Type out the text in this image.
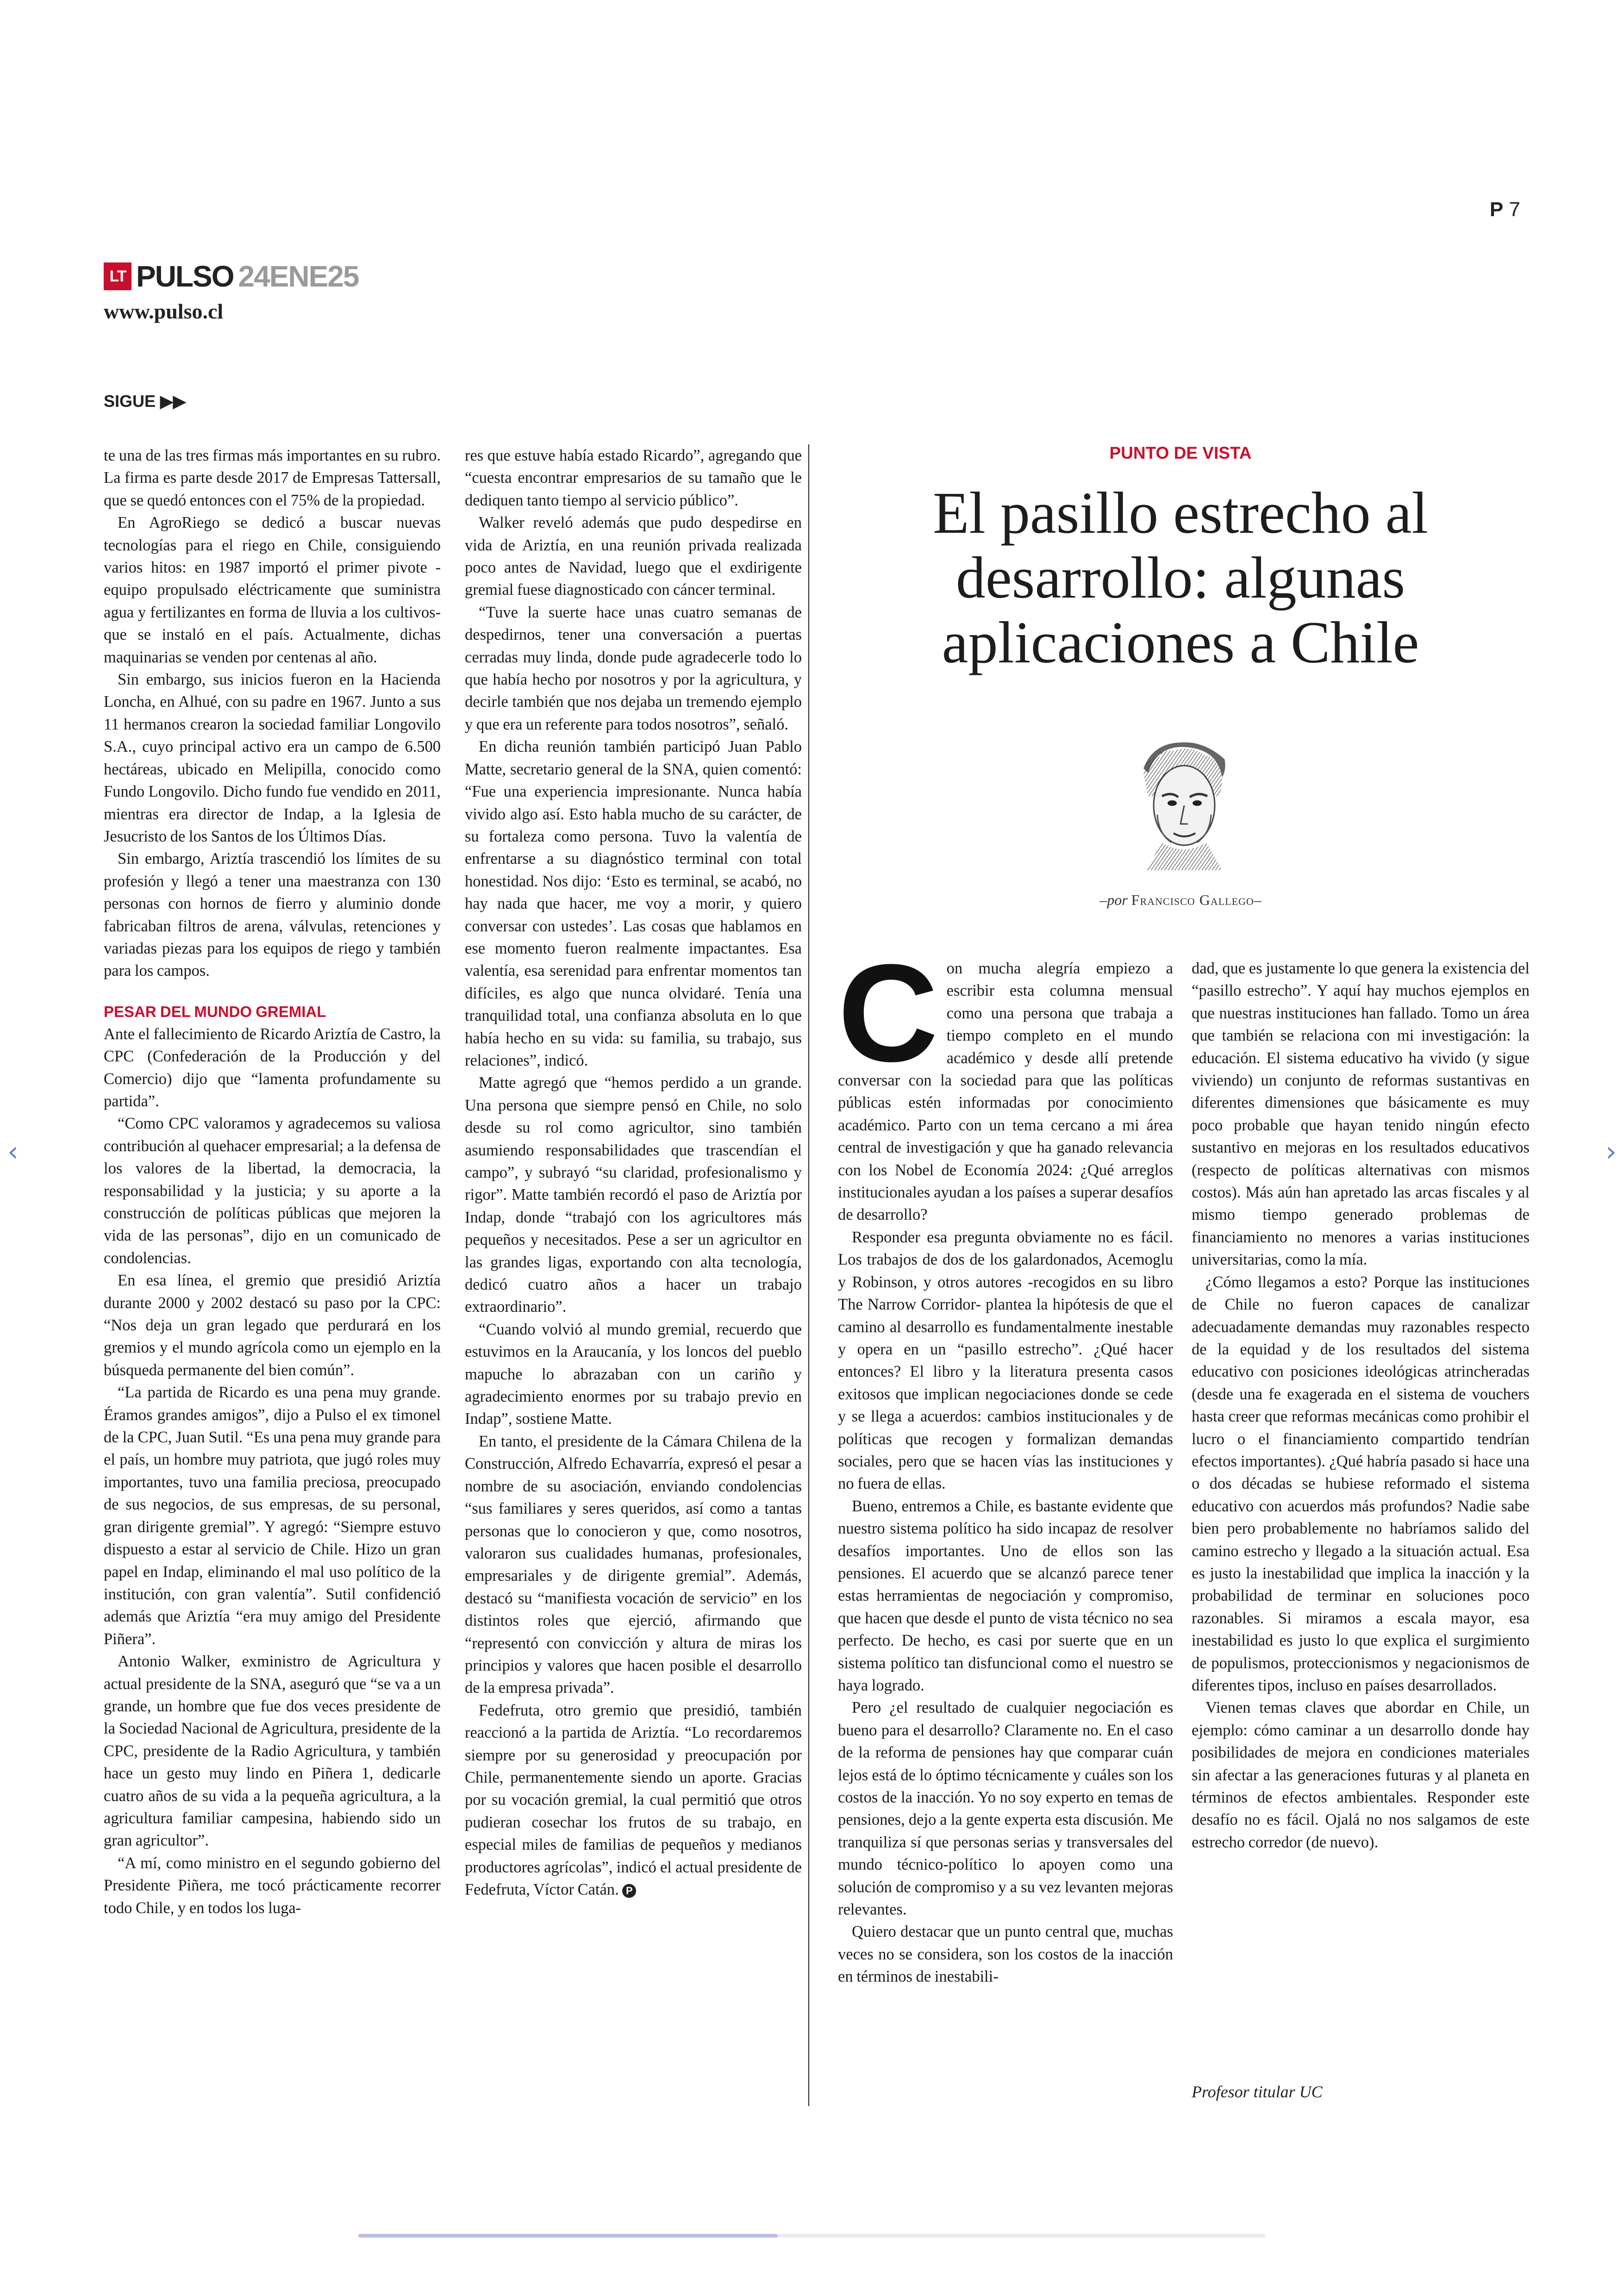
P 7
LT PULSO 24ENE25
www.pulso.cl
SIGUE ▶▶

te una de las tres firmas más importantes en su rubro. La firma es parte desde 2017 de Empresas Tattersall, que se quedó entonces con el 75% de la propiedad.

En AgroRiego se dedicó a buscar nuevas tecnologías para el riego en Chile, consiguiendo varios hitos: en 1987 importó el primer pivote -equipo propulsado eléctricamente que suministra agua y fertilizantes en forma de lluvia a los cultivos- que se instaló en el país. Actualmente, dichas maquinarias se venden por centenas al año.

Sin embargo, sus inicios fueron en la Hacienda Loncha, en Alhué, con su padre en 1967. Junto a sus 11 hermanos crearon la sociedad familiar Longovilo S.A., cuyo principal activo era un campo de 6.500 hectáreas, ubicado en Melipilla, conocido como Fundo Longovilo. Dicho fundo fue vendido en 2011, mientras era director de Indap, a la Iglesia de Jesucristo de los Santos de los Últimos Días.

Sin embargo, Ariztía trascendió los límites de su profesión y llegó a tener una maestranza con 130 personas con hornos de fierro y aluminio donde fabricaban filtros de arena, válvulas, retenciones y variadas piezas para los equipos de riego y también para los campos.

PESAR DEL MUNDO GREMIAL

Ante el fallecimiento de Ricardo Ariztía de Castro, la CPC (Confederación de la Producción y del Comercio) dijo que “lamenta profundamente su partida”.

“Como CPC valoramos y agradecemos su valiosa contribución al quehacer empresarial; a la defensa de los valores de la libertad, la democracia, la responsabilidad y la justicia; y su aporte a la construcción de políticas públicas que mejoren la vida de las personas”, dijo en un comunicado de condolencias.

En esa línea, el gremio que presidió Ariztía durante 2000 y 2002 destacó su paso por la CPC: “Nos deja un gran legado que perdurará en los gremios y el mundo agrícola como un ejemplo en la búsqueda permanente del bien común”.

“La partida de Ricardo es una pena muy grande. Éramos grandes amigos”, dijo a Pulso el ex timonel de la CPC, Juan Sutil. “Es una pena muy grande para el país, un hombre muy patriota, que jugó roles muy importantes, tuvo una familia preciosa, preocupado de sus negocios, de sus empresas, de su personal, gran dirigente gremial”. Y agregó: “Siempre estuvo dispuesto a estar al servicio de Chile. Hizo un gran papel en Indap, eliminando el mal uso político de la institución, con gran valentía”. Sutil confidenció además que Ariztía “era muy amigo del Presidente Piñera”.

Antonio Walker, exministro de Agricultura y actual presidente de la SNA, aseguró que “se va a un grande, un hombre que fue dos veces presidente de la Sociedad Nacional de Agricultura, presidente de la CPC, presidente de la Radio Agricultura, y también hace un gesto muy lindo en Piñera 1, dedicarle cuatro años de su vida a la pequeña agricultura, a la agricultura familiar campesina, habiendo sido un gran agricultor”.

“A mí, como ministro en el segundo gobierno del Presidente Piñera, me tocó prácticamente recorrer todo Chile, y en todos los luga-

res que estuve había estado Ricardo”, agregando que “cuesta encontrar empresarios de su tamaño que le dediquen tanto tiempo al servicio público”.

Walker reveló además que pudo despedirse en vida de Ariztía, en una reunión privada realizada poco antes de Navidad, luego que el exdirigente gremial fuese diagnosticado con cáncer terminal.

“Tuve la suerte hace unas cuatro semanas de despedirnos, tener una conversación a puertas cerradas muy linda, donde pude agradecerle todo lo que había hecho por nosotros y por la agricultura, y decirle también que nos dejaba un tremendo ejemplo y que era un referente para todos nosotros”, señaló.

En dicha reunión también participó Juan Pablo Matte, secretario general de la SNA, quien comentó: “Fue una experiencia impresionante. Nunca había vivido algo así. Esto habla mucho de su carácter, de su fortaleza como persona. Tuvo la valentía de enfrentarse a su diagnóstico terminal con total honestidad. Nos dijo: ‘Esto es terminal, se acabó, no hay nada que hacer, me voy a morir, y quiero conversar con ustedes’. Las cosas que hablamos en ese momento fueron realmente impactantes. Esa valentía, esa serenidad para enfrentar momentos tan difíciles, es algo que nunca olvidaré. Tenía una tranquilidad total, una confianza absoluta en lo que había hecho en su vida: su familia, su trabajo, sus relaciones”, indicó.

Matte agregó que “hemos perdido a un grande. Una persona que siempre pensó en Chile, no solo desde su rol como agricultor, sino también asumiendo responsabilidades que trascendían el campo”, y subrayó “su claridad, profesionalismo y rigor”. Matte también recordó el paso de Ariztía por Indap, donde “trabajó con los agricultores más pequeños y necesitados. Pese a ser un agricultor en las grandes ligas, exportando con alta tecnología, dedicó cuatro años a hacer un trabajo extraordinario”.

“Cuando volvió al mundo gremial, recuerdo que estuvimos en la Araucanía, y los loncos del pueblo mapuche lo abrazaban con un cariño y agradecimiento enormes por su trabajo previo en Indap”, sostiene Matte.

En tanto, el presidente de la Cámara Chilena de la Construcción, Alfredo Echavarría, expresó el pesar a nombre de su asociación, enviando condolencias “sus familiares y seres queridos, así como a tantas personas que lo conocieron y que, como nosotros, valoraron sus cualidades humanas, profesionales, empresariales y de dirigente gremial”. Además, destacó su “manifiesta vocación de servicio” en los distintos roles que ejerció, afirmando que “representó con convicción y altura de miras los principios y valores que hacen posible el desarrollo de la empresa privada”.

Fedefruta, otro gremio que presidió, también reaccionó a la partida de Ariztía. “Lo recordaremos siempre por su generosidad y preocupación por Chile, permanentemente siendo un aporte. Gracias por su vocación gremial, la cual permitió que otros pudieran cosechar los frutos de su trabajo, en especial miles de familias de pequeños y medianos productores agrícolas”, indicó el actual presidente de Fedefruta, Víctor Catán. P

PUNTO DE VISTA
El pasillo estrecho al desarrollo: algunas aplicaciones a Chile
–por Francisco Gallego–

Con mucha alegría empiezo a escribir esta columna mensual como una persona que trabaja a tiempo completo en el mundo académico y desde allí pretende conversar con la sociedad para que las políticas públicas estén informadas por conocimiento académico. Parto con un tema cercano a mi área central de investigación y que ha ganado relevancia con los Nobel de Economía 2024: ¿Qué arreglos institucionales ayudan a los países a superar desafíos de desarrollo?

Responder esa pregunta obviamente no es fácil. Los trabajos de dos de los galardonados, Acemoglu y Robinson, y otros autores -recogidos en su libro The Narrow Corridor- plantea la hipótesis de que el camino al desarrollo es fundamentalmente inestable y opera en un “pasillo estrecho”. ¿Qué hacer entonces? El libro y la literatura presenta casos exitosos que implican negociaciones donde se cede y se llega a acuerdos: cambios institucionales y de políticas que recogen y formalizan demandas sociales, pero que se hacen vías las instituciones y no fuera de ellas.

Bueno, entremos a Chile, es bastante evidente que nuestro sistema político ha sido incapaz de resolver desafíos importantes. Uno de ellos son las pensiones. El acuerdo que se alcanzó parece tener estas herramientas de negociación y compromiso, que hacen que desde el punto de vista técnico no sea perfecto. De hecho, es casi por suerte que en un sistema político tan disfuncional como el nuestro se haya logrado.

Pero ¿el resultado de cualquier negociación es bueno para el desarrollo? Claramente no. En el caso de la reforma de pensiones hay que comparar cuán lejos está de lo óptimo técnicamente y cuáles son los costos de la inacción. Yo no soy experto en temas de pensiones, dejo a la gente experta esta discusión. Me tranquiliza sí que personas serias y transversales del mundo técnico-político lo apoyen como una solución de compromiso y a su vez levanten mejoras relevantes.

Quiero destacar que un punto central que, muchas veces no se considera, son los costos de la inacción en términos de inestabili-

dad, que es justamente lo que genera la existencia del “pasillo estrecho”. Y aquí hay muchos ejemplos en que nuestras instituciones han fallado. Tomo un área que también se relaciona con mi investigación: la educación. El sistema educativo ha vivido (y sigue viviendo) un conjunto de reformas sustantivas en diferentes dimensiones que básicamente es muy poco probable que hayan tenido ningún efecto sustantivo en mejoras en los resultados educativos (respecto de políticas alternativas con mismos costos). Más aún han apretado las arcas fiscales y al mismo tiempo generado problemas de financiamiento no menores a varias instituciones universitarias, como la mía.

¿Cómo llegamos a esto? Porque las instituciones de Chile no fueron capaces de canalizar adecuadamente demandas muy razonables respecto de la equidad y de los resultados del sistema educativo con posiciones ideológicas atrincheradas (desde una fe exagerada en el sistema de vouchers hasta creer que reformas mecánicas como prohibir el lucro o el financiamiento compartido tendrían efectos importantes). ¿Qué habría pasado si hace una o dos décadas se hubiese reformado el sistema educativo con acuerdos más profundos? Nadie sabe bien pero probablemente no habríamos salido del camino estrecho y llegado a la situación actual. Esa es justo la inestabilidad que implica la inacción y la probabilidad de terminar en soluciones poco razonables. Si miramos a escala mayor, esa inestabilidad es justo lo que explica el surgimiento de populismos, proteccionismos y negacionismos de diferentes tipos, incluso en países desarrollados.

Vienen temas claves que abordar en Chile, un ejemplo: cómo caminar a un desarrollo donde hay posibilidades de mejora en condiciones materiales sin afectar a las generaciones futuras y al planeta en términos de efectos ambientales. Responder este desafío no es fácil. Ojalá no nos salgamos de este estrecho corredor (de nuevo).

Profesor titular UC
‹	›
